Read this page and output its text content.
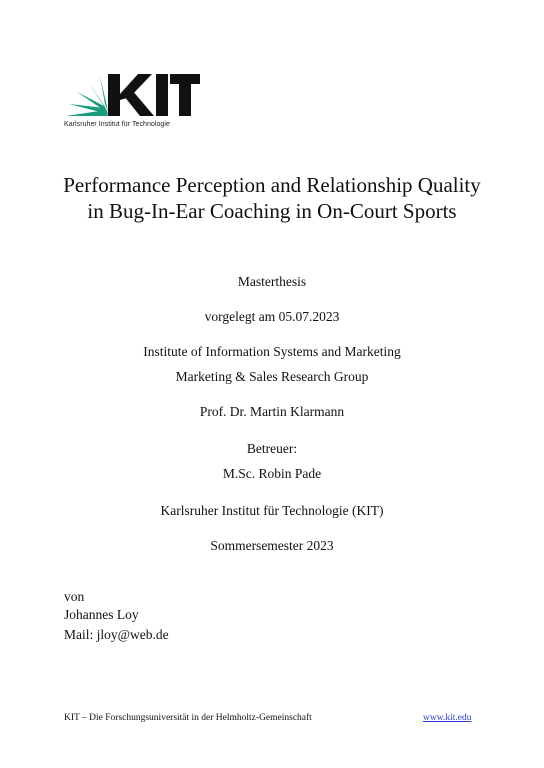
Karlsruher Institut für Technologie
Performance Perception and Relationship Quality in Bug-In-Ear Coaching in On-Court Sports
Masterthesis
vorgelegt am 05.07.2023
Institute of Information Systems and Marketing
Marketing & Sales Research Group
Prof. Dr. Martin Klarmann
Betreuer:
M.Sc. Robin Pade
Karlsruher Institut für Technologie (KIT)
Sommersemester 2023
von
Johannes Loy
Mail: jloy@web.de
KIT – Die Forschungsuniversität in der Helmholtz-Gemeinschaft	www.kit.edu
